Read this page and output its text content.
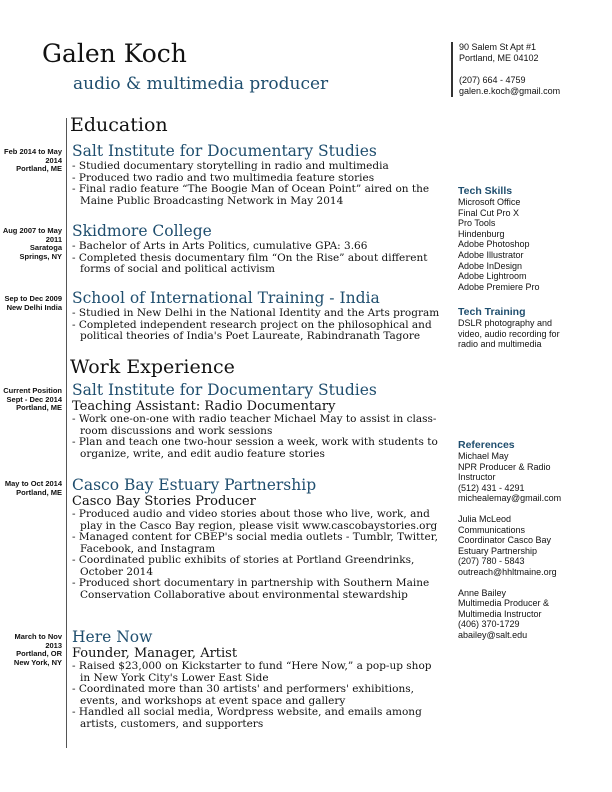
Galen Koch
audio & multimedia producer
90 Salem St Apt #1
Portland, ME 04102
(207) 664 - 4759
galen.e.koch@gmail.com
Education
Feb 2014 to May 2014
Portland, ME
Salt Institute for Documentary Studies
- Studied documentary storytelling in radio and multimedia
- Produced two radio and two multimedia feature stories
- Final radio feature “The Boogie Man of Ocean Point” aired on the Maine Public Broadcasting Network in May 2014
Aug 2007 to May 2011
Saratoga Springs, NY
Skidmore College
- Bachelor of Arts in Arts Politics, cumulative GPA: 3.66
- Completed thesis documentary film “On the Rise” about different forms of social and political activism
Sep to Dec 2009
New Delhi India School of International Training - India
- Studied in New Delhi in the National Identity and the Arts program
- Completed independent research project on the philosophical and political theories of India's Poet Laureate, Rabindranath Tagore
Work Experience
Current Position Sept - Dec 2014
Portland, ME
Salt Institute for Documentary Studies
Teaching Assistant: Radio Documentary
- Work one-on-one with radio teacher Michael May to assist in class-room discussions and work sessions
- Plan and teach one two-hour session a week, work with students to organize, write, and edit audio feature stories
May to Oct 2014
Portland, ME Casco Bay Estuary Partnership
Casco Bay Stories Producer
- Produced audio and video stories about those who live, work, and play in the Casco Bay region, please visit www.cascobaystories.org
- Managed content for CBEP's social media outlets - Tumblr, Twitter, Facebook, and Instagram
- Coordinated public exhibits of stories at Portland Greendrinks, October 2014
- Produced short documentary in partnership with Southern Maine Conservation Collaborative about environmental stewardship
March to Nov 2013
Portland, OR New York, NY
Here Now
Founder, Manager, Artist
- Raised $23,000 on Kickstarter to fund “Here Now,” a pop-up shop in New York City's Lower East Side
- Coordinated more than 30 artists' and performers' exhibitions, events, and workshops at event space and gallery
- Handled all social media, Wordpress website, and emails among artists, customers, and supporters
Tech Skills
Microsoft Office
Final Cut Pro X
Pro Tools
Hindenburg
Adobe Photoshop
Adobe Illustrator
Adobe InDesign
Adobe Lightroom
Adobe Premiere Pro
Tech Training
DSLR photography and video, audio recording for radio and multimedia
References
Michael May
NPR Producer & Radio Instructor
(512) 431 - 4291
michealemay@gmail.com
Julia McLeod
Communications Coordinator Casco Bay Estuary Partnership
(207) 780 - 5843
outreach@hhltmaine.org
Anne Bailey
Multimedia Producer & Multimedia Instructor
(406) 370-1729
abailey@salt.edu
